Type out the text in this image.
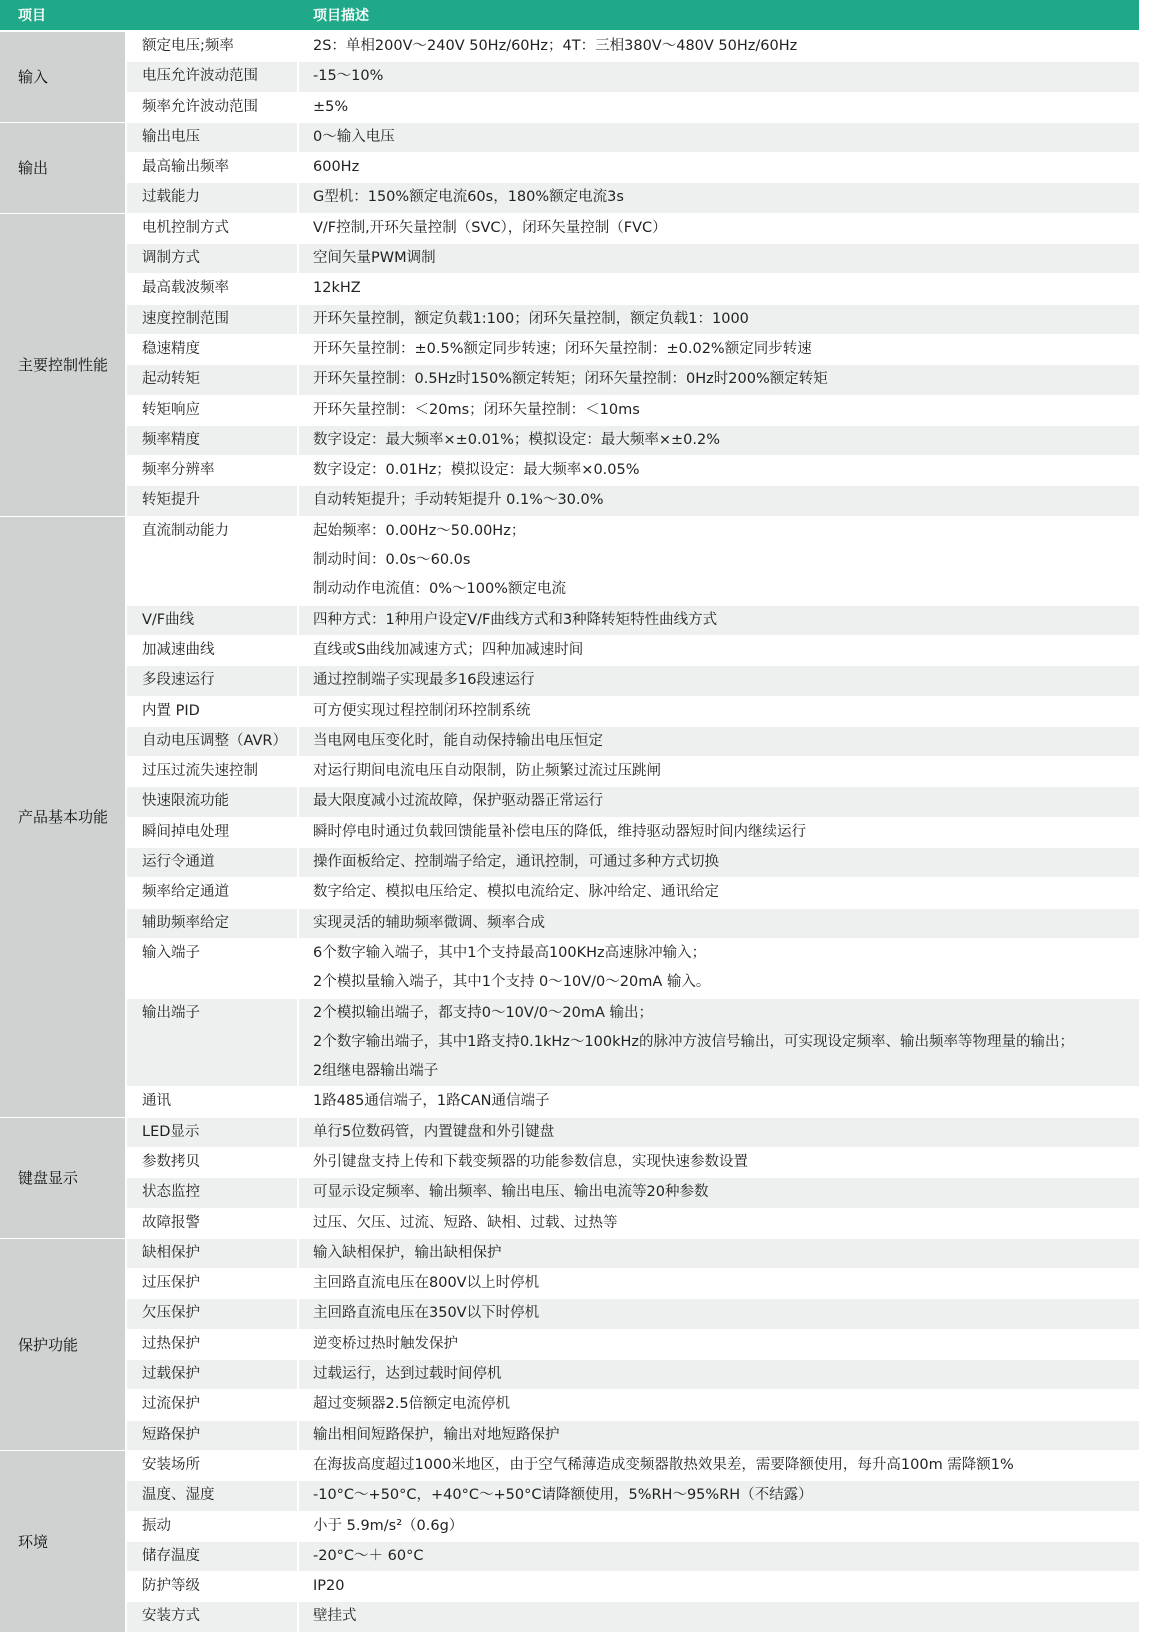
项目		项目描述
输入	额定电压;频率	2S：单相200V～240V 50Hz/60Hz；4T：三相380V～480V 50Hz/60Hz

	电压允许波动范围	-15～10%

	频率允许波动范围	±5%

输出	输出电压	0～输入电压

	最高输出频率	600Hz

	过载能力	G型机：150%额定电流60s，180%额定电流3s

主要控制性能	电机控制方式	V/F控制,开环矢量控制（SVC），闭环矢量控制（FVC）

	调制方式	空间矢量PWM调制

	最高载波频率	12kHZ

	速度控制范围	开环矢量控制，额定负载1:100；闭环矢量控制，额定负载1：1000

	稳速精度	开环矢量控制：±0.5%额定同步转速；闭环矢量控制：±0.02%额定同步转速

	起动转矩	开环矢量控制：0.5Hz时150%额定转矩；闭环矢量控制：0Hz时200%额定转矩

	转矩响应	开环矢量控制：＜20ms；闭环矢量控制：＜10ms

	频率精度	数字设定：最大频率×±0.01%；模拟设定：最大频率×±0.2%

	频率分辨率	数字设定：0.01Hz；模拟设定：最大频率×0.05%

	转矩提升	自动转矩提升；手动转矩提升 0.1%～30.0%

产品基本功能	直流制动能力	起始频率：0.00Hz～50.00Hz；
制动时间：0.0s～60.0s
制动动作电流值：0%～100%额定电流

	V/F曲线	四种方式：1种用户设定V/F曲线方式和3种降转矩特性曲线方式

	加减速曲线	直线或S曲线加减速方式；四种加减速时间

	多段速运行	通过控制端子实现最多16段速运行

	内置 PID	可方便实现过程控制闭环控制系统

	自动电压调整（AVR）	当电网电压变化时，能自动保持输出电压恒定

	过压过流失速控制	对运行期间电流电压自动限制，防止频繁过流过压跳闸

	快速限流功能	最大限度减小过流故障，保护驱动器正常运行

	瞬间掉电处理	瞬时停电时通过负载回馈能量补偿电压的降低，维持驱动器短时间内继续运行

	运行令通道	操作面板给定、控制端子给定，通讯控制，可通过多种方式切换

	频率给定通道	数字给定、模拟电压给定、模拟电流给定、脉冲给定、通讯给定

	辅助频率给定	实现灵活的辅助频率微调、频率合成

	输入端子	6个数字输入端子，其中1个支持最高100KHz高速脉冲输入；
2个模拟量输入端子，其中1个支持 0～10V/0～20mA 输入。

	输出端子	2个模拟输出端子，都支持0～10V/0～20mA 输出；
2个数字输出端子，其中1路支持0.1kHz～100kHz的脉冲方波信号输出，可实现设定频率、输出频率等物理量的输出；
2组继电器输出端子

	通讯	1路485通信端子，1路CAN通信端子

键盘显示	LED显示	单行5位数码管，内置键盘和外引键盘

	参数拷贝	外引键盘支持上传和下载变频器的功能参数信息，实现快速参数设置

	状态监控	可显示设定频率、输出频率、输出电压、输出电流等20种参数

	故障报警	过压、欠压、过流、短路、缺相、过载、过热等

保护功能	缺相保护	输入缺相保护，输出缺相保护

	过压保护	主回路直流电压在800V以上时停机

	欠压保护	主回路直流电压在350V以下时停机

	过热保护	逆变桥过热时触发保护

	过载保护	过载运行，达到过载时间停机

	过流保护	超过变频器2.5倍额定电流停机

	短路保护	输出相间短路保护，输出对地短路保护

环境	安装场所	在海拔高度超过1000米地区，由于空气稀薄造成变频器散热效果差，需要降额使用，每升高100m 需降额1%

	温度、湿度	-10°C～+50°C，+40°C～+50°C请降额使用，5%RH～95%RH（不结露）

	振动	小于 5.9m/s²（0.6g）

	储存温度	-20°C～＋ 60°C

	防护等级	IP20

	安装方式	壁挂式
